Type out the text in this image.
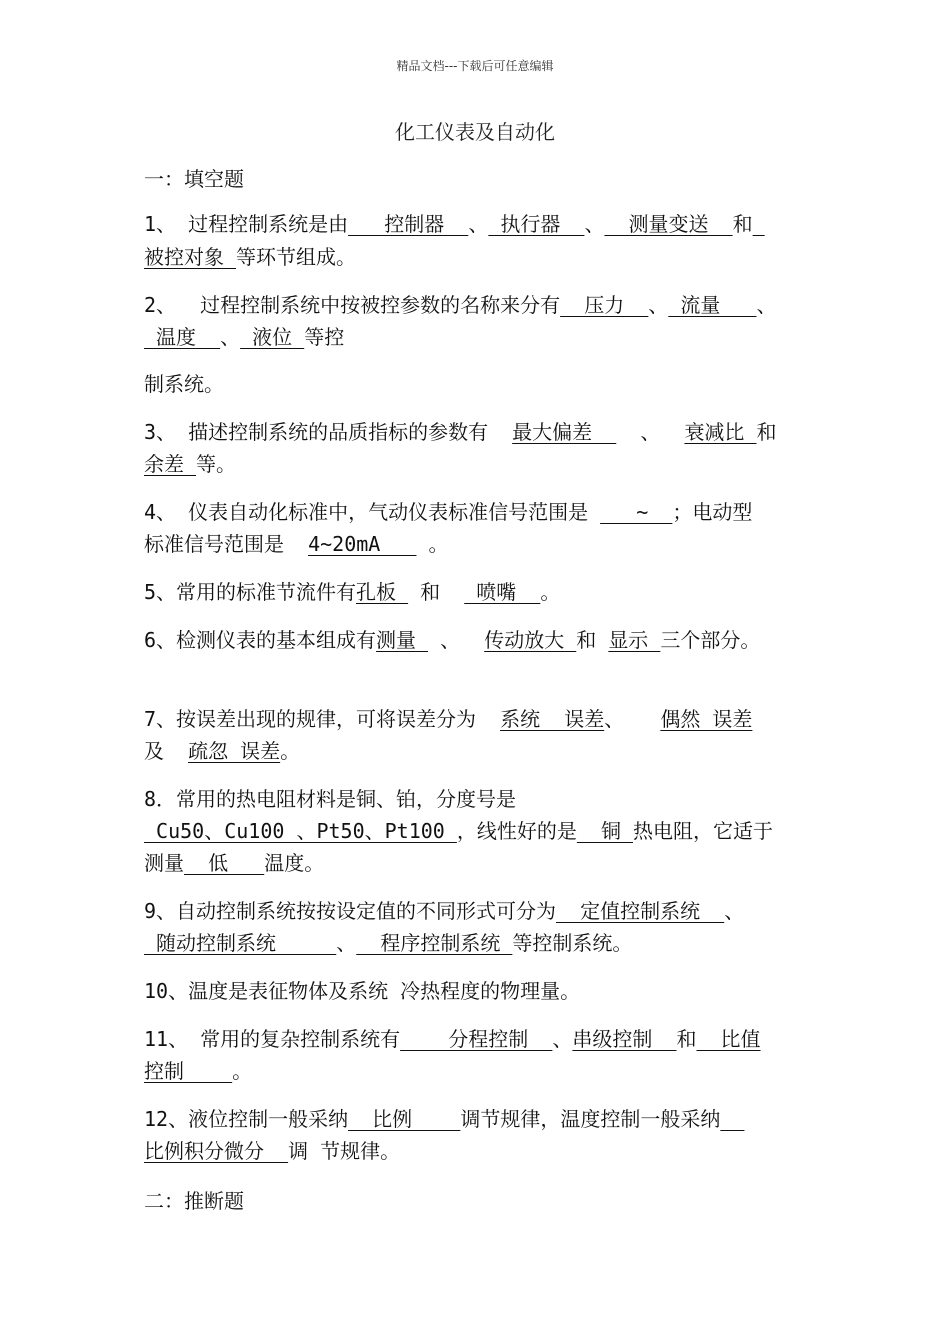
精品文档---下载后可任意编辑
化工仪表及自动化
一：填空题
1、 过程控制系统是由   控制器  、 执行器  、  测量变送  和
被控对象 等环节组成。
2、  过程控制系统中按被控参数的名称来分有  压力  、 流量   、
温度  、 液位 等控
制系统。
3、 描述控制系统的品质指标的参数有  最大偏差    、  衰减比 和
余差 等。
4、 仪表自动化标准中，气动仪表标准信号范围是    ~  ；电动型
标准信号范围是  4~20mA    。
5、常用的标准节流件有孔板  和   喷嘴  。
6、检测仪表的基本组成有测量  、  传动放大 和 显示 三个部分。
7、按误差出现的规律，可将误差分为  系统  误差、   偶然 误差
及  疏忽 误差。
8．常用的热电阻材料是铜、铂，分度号是
Cu50、Cu100 、Pt50、Pt100 ，线性好的是  铜 热电阻，它适于
测量  低   温度。
9、自动控制系统按按设定值的不同形式可分为  定值控制系统  、
随动控制系统     、  程序控制系统 等控制系统。
10、温度是表征物体及系统 冷热程度的物理量。
11、 常用的复杂控制系统有    分程控制  、串级控制  和  比值
控制    。
12、液位控制一般采纳  比例    调节规律，温度控制一般采纳
比例积分微分  调 节规律。
二：推断题
